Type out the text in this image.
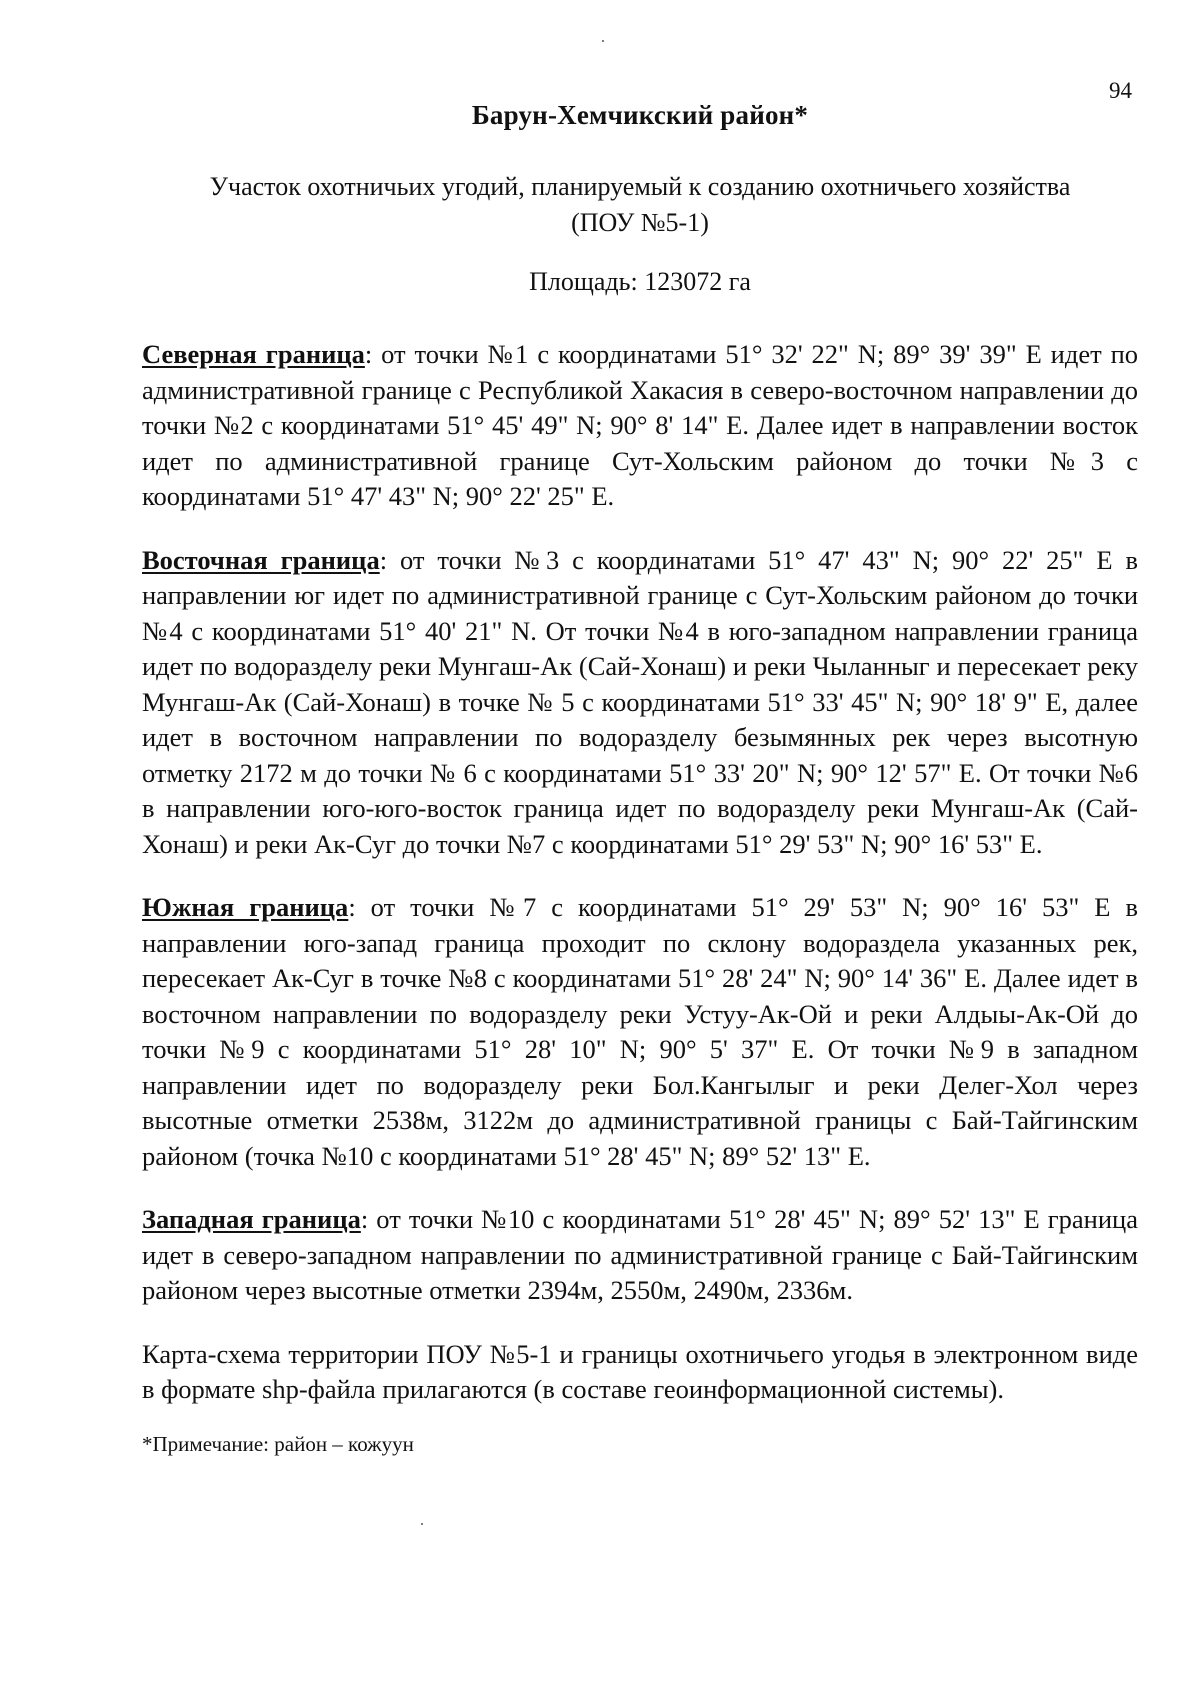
94
Барун-Хемчикский район*

Участок охотничьих угодий, планируемый к созданию охотничьего хозяйства
(ПОУ №5-1)

Площадь: 123072 га

Северная граница: от точки №1 с координатами 51° 32' 22" N; 89° 39' 39" E идет по административной границе с Республикой Хакасия в северо-восточном направлении до точки №2 с координатами 51° 45' 49" N; 90° 8' 14" E. Далее идет в направлении восток идет по административной границе Сут-Хольским районом до точки №3 с координатами 51° 47' 43" N; 90° 22' 25" E.

Восточная граница: от точки №3 с координатами 51° 47' 43" N; 90° 22' 25" E в направлении юг идет по административной границе с Сут-Хольским районом до точки №4 с координатами 51° 40' 21" N. От точки №4 в юго-западном направлении граница идет по водоразделу реки Мунгаш-Ак (Сай-Хонаш) и реки Чыланныг и пересекает реку Мунгаш-Ак (Сай-Хонаш) в точке № 5 с координатами 51° 33' 45" N; 90° 18' 9" E, далее идет в восточном направлении по водоразделу безымянных рек через высотную отметку 2172 м до точки № 6 с координатами 51° 33' 20" N; 90° 12' 57" E. От точки №6 в направлении юго-юго-восток граница идет по водоразделу реки Мунгаш-Ак (Сай-Хонаш) и реки Ак-Суг до точки №7 с координатами 51° 29' 53" N; 90° 16' 53" E.

Южная граница: от точки №7 с координатами 51° 29' 53" N; 90° 16' 53" E в направлении юго-запад граница проходит по склону водораздела указанных рек, пересекает Ак-Суг в точке №8 с координатами 51° 28' 24" N; 90° 14' 36" E. Далее идет в восточном направлении по водоразделу реки Устуу-Ак-Ой и реки Алдыы-Ак-Ой до точки №9 с координатами 51° 28' 10" N; 90° 5' 37" E. От точки №9 в западном направлении идет по водоразделу реки Бол.Кангылыг и реки Делег-Хол через высотные отметки 2538м, 3122м до административной границы с Бай-Тайгинским районом (точка №10 с координатами 51° 28' 45" N; 89° 52' 13" E.

Западная граница: от точки №10 с координатами 51° 28' 45" N; 89° 52' 13" E граница идет в северо-западном направлении по административной границе с Бай-Тайгинским районом через высотные отметки 2394м, 2550м, 2490м, 2336м.

Карта-схема территории ПОУ №5-1 и границы охотничьего угодья в электронном виде в формате shp-файла прилагаются (в составе геоинформационной системы).

*Примечание: район – кожуун
